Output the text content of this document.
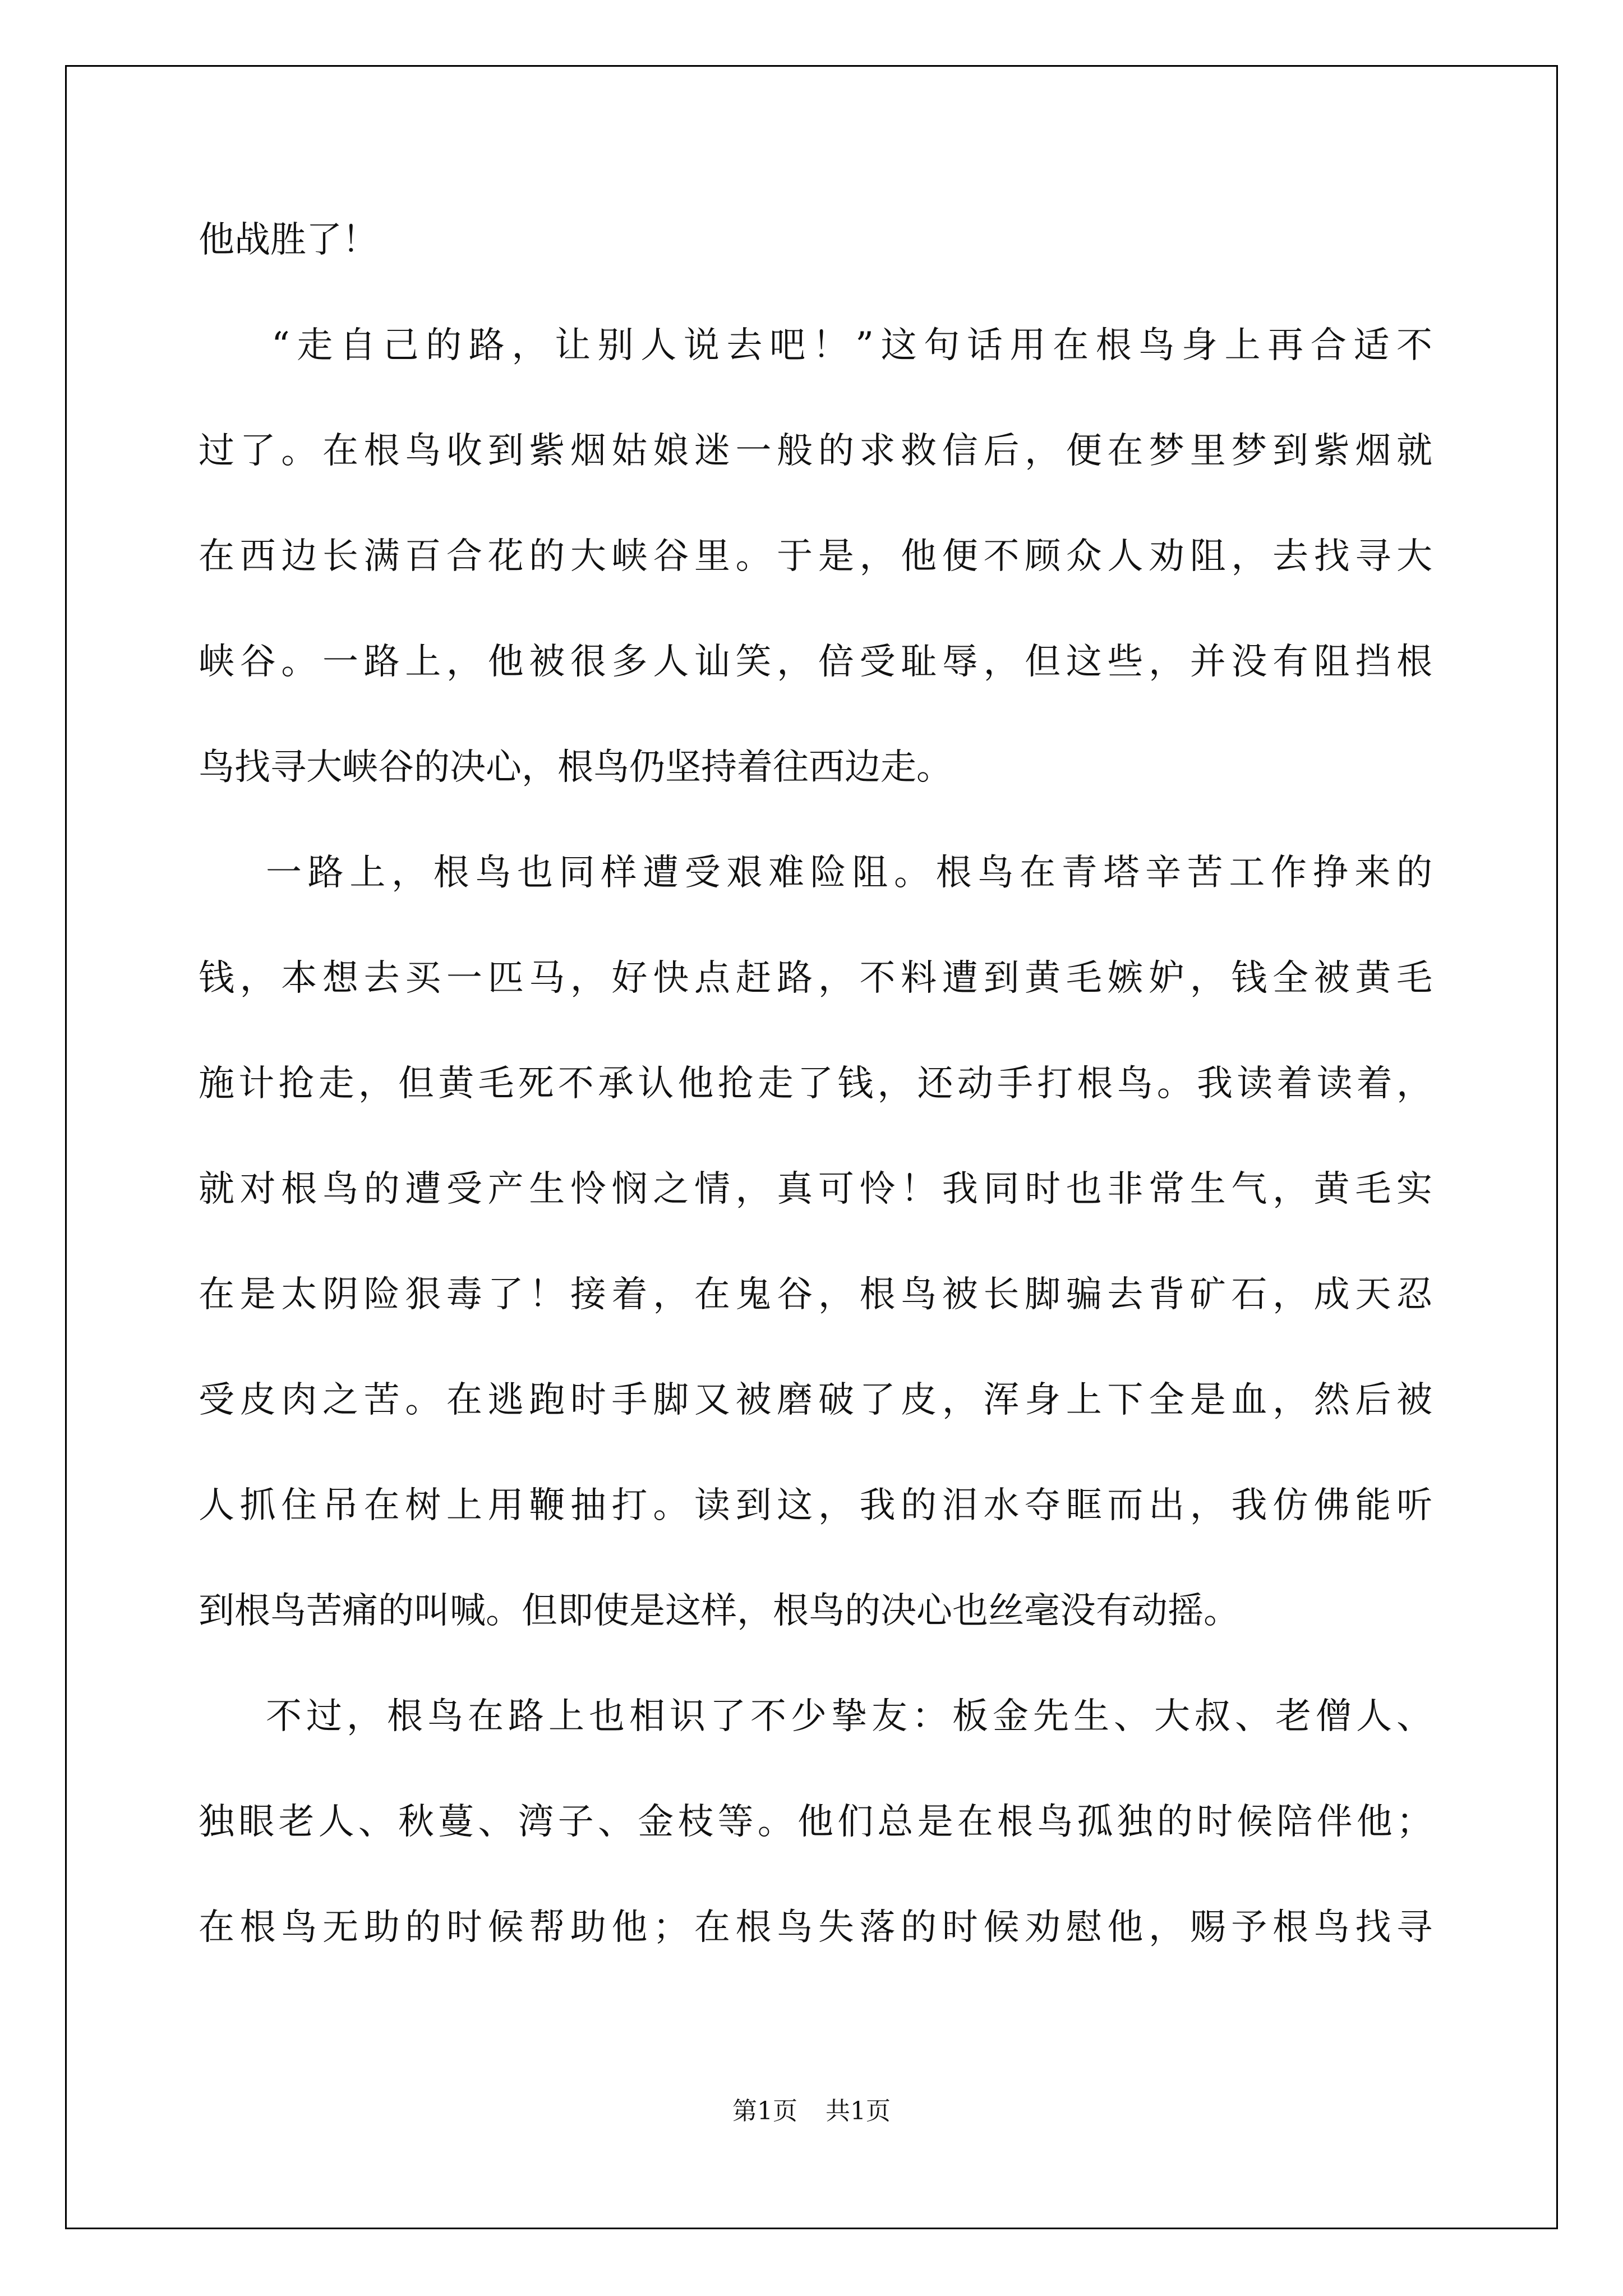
他战胜了！
“走自己的路，让别人说去吧！”这句话用在根鸟身上再合适不
过了。在根鸟收到紫烟姑娘迷一般的求救信后，便在梦里梦到紫烟就
在西边长满百合花的大峡谷里。于是，他便不顾众人劝阻，去找寻大
峡谷。一路上，他被很多人讪笑，倍受耻辱，但这些，并没有阻挡根
鸟找寻大峡谷的决心，根鸟仍坚持着往西边走。
一路上，根鸟也同样遭受艰难险阻。根鸟在青塔辛苦工作挣来的
钱，本想去买一匹马，好快点赶路，不料遭到黄毛嫉妒，钱全被黄毛
施计抢走，但黄毛死不承认他抢走了钱，还动手打根鸟。我读着读着，
就对根鸟的遭受产生怜悯之情，真可怜！我同时也非常生气，黄毛实
在是太阴险狠毒了！接着，在鬼谷，根鸟被长脚骗去背矿石，成天忍
受皮肉之苦。在逃跑时手脚又被磨破了皮，浑身上下全是血，然后被
人抓住吊在树上用鞭抽打。读到这，我的泪水夺眶而出，我仿佛能听
到根鸟苦痛的叫喊。但即使是这样，根鸟的决心也丝毫没有动摇。
不过，根鸟在路上也相识了不少挚友：板金先生、大叔、老僧人、
独眼老人、秋蔓、湾子、金枝等。他们总是在根鸟孤独的时候陪伴他；
在根鸟无助的时候帮助他；在根鸟失落的时候劝慰他，赐予根鸟找寻
第1页 共1页
